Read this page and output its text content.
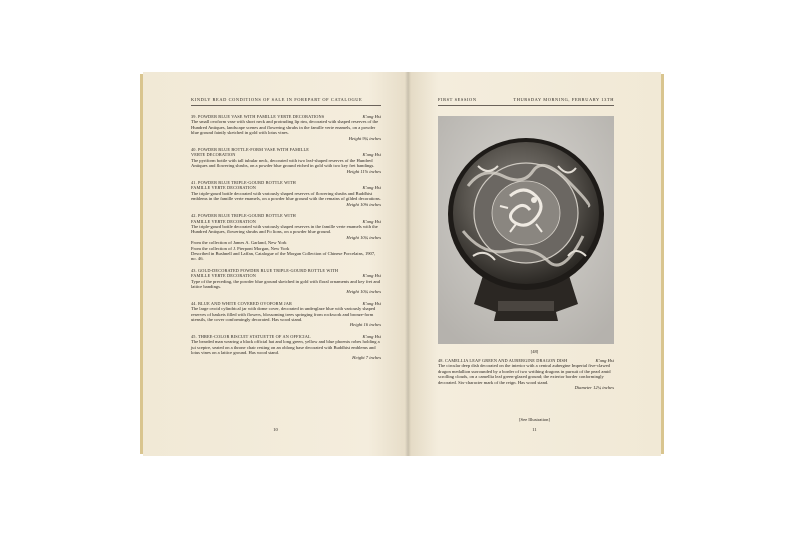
KINDLY READ CONDITIONS OF SALE IN FOREPART OF CATALOGUE
39. POWDER BLUE VASE WITH FAMILLE VERTE DECORATIONS	K'ang Hsi
The small ovoform vase with short neck and protruding lip rim, decorated with shaped reserves of the Hundred Antiques, landscape scenes and flowering shrubs in the famille verte enamels, on a powder blue ground faintly sketched in gold with lotus vines.
Height 9¾ inches
40. POWDER BLUE BOTTLE-FORM VASE WITH FAMILLE
VERTE DECORATION	K'ang Hsi
The pyriform bottle with tall tubular neck, decorated with two leaf-shaped reserves of the Hundred Antiques and flowering shrubs, on a powder blue ground etched in gold with two key fret bandings.
Height 11⅞ inches
41. POWDER BLUE TRIPLE-GOURD BOTTLE WITH
FAMILLE VERTE DECORATION	K'ang Hsi
The triple-gourd bottle decorated with variously shaped reserves of flowering shrubs and Buddhist emblems in the famille verte enamels, on a powder blue ground with the remains of gilded decorations.
Height 10⅝ inches
42. POWDER BLUE TRIPLE-GOURD BOTTLE WITH
FAMILLE VERTE DECORATION	K'ang Hsi
The triple-gourd bottle decorated with variously shaped reserves in the famille verte enamels with the Hundred Antiques, flowering shrubs and Fo lions, on a powder blue ground.
Height 10¾ inches
From the collection of James A. Garland, New York
From the collection of J. Pierpont Morgan, New York
Described in Bushnell and Laffan, Catalogue of the Morgan Collection of Chinese Porcelains, 1907, no. 46.
43. GOLD-DECORATED POWDER BLUE TRIPLE-GOURD BOTTLE WITH
FAMILLE VERTE DECORATION	K'ang Hsi
Type of the preceding, the powder blue ground sketched in gold with floral ornaments and key fret and lattice bandings.
Height 10¾ inches
44. BLUE AND WHITE COVERED OVOFORM JAR	K'ang Hsi
The large ovoid cylindrical jar with dome cover, decorated in underglaze blue with variously shaped reserves of baskets filled with flowers, blossoming trees springing from rockwork and bronze-form utensils, the cover conformingly decorated. Has wood stand.
Height 16 inches
45. THREE-COLOR BISCUIT STATUETTE OF AN OFFICIAL	K'ang Hsi
The bearded man wearing a black official hat and long green, yellow and blue phoenix robes holding a jui sceptre, seated on a throne chair resting on an oblong base decorated with Buddhist emblems and lotus vines on a lattice ground. Has wood stand.
Height 7 inches
10
FIRST SESSION	THURSDAY MORNING, FEBRUARY 13TH
[48]
48. CAMELLIA LEAF GREEN AND AUBERGINE DRAGON DISH	K'ang Hsi
The circular deep dish decorated on the interior with a central aubergine Imperial five-clawed dragon medallion surrounded by a border of two writhing dragons in pursuit of the pearl amid scrolling clouds, on a camellia leaf green-glazed ground; the exterior border conformingly decorated. Six-character mark of the reign. Has wood stand.
Diameter 12¼ inches
[See Illustration]
11
